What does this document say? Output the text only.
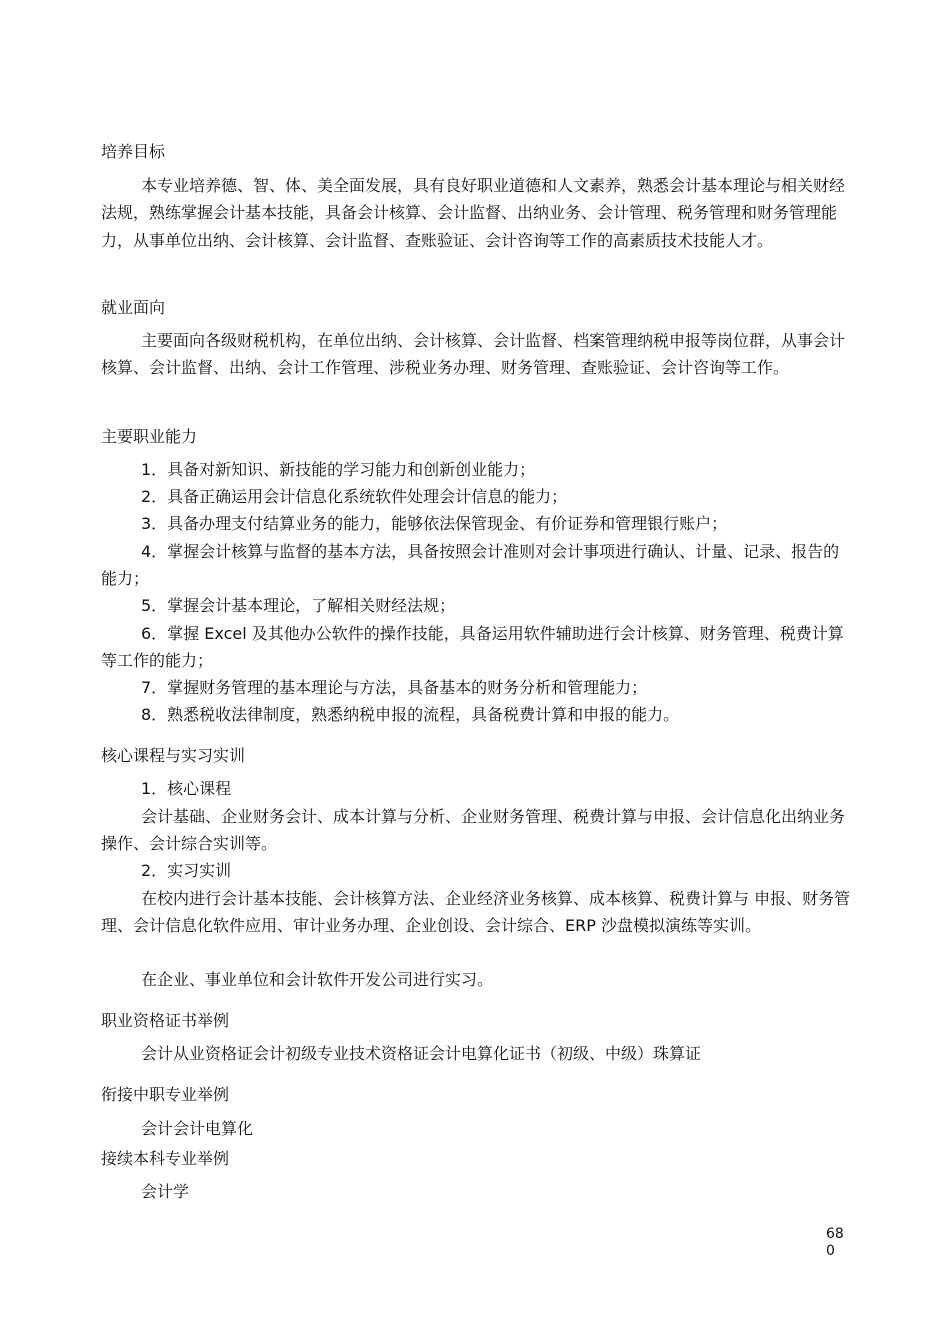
培养目标

本专业培养德、智、体、美全面发展，具有良好职业道德和人文素养，熟悉会计基本理论与相关财经法规，熟练掌握会计基本技能，具备会计核算、会计监督、出纳业务、会计管理、税务管理和财务管理能力，从事单位出纳、会计核算、会计监督、查账验证、会计咨询等工作的高素质技术技能人才。

就业面向

主要面向各级财税机构，在单位出纳、会计核算、会计监督、档案管理纳税申报等岗位群，从事会计核算、会计监督、出纳、会计工作管理、涉税业务办理、财务管理、查账验证、会计咨询等工作。

主要职业能力
1．具备对新知识、新技能的学习能力和创新创业能力；
2．具备正确运用会计信息化系统软件处理会计信息的能力；
3．具备办理支付结算业务的能力，能够依法保管现金、有价证券和管理银行账户；

4．掌握会计核算与监督的基本方法，具备按照会计准则对会计事项进行确认、计量、记录、报告的能力；

5．掌握会计基本理论，了解相关财经法规；

6．掌握 Excel 及其他办公软件的操作技能，具备运用软件辅助进行会计核算、财务管理、税费计算等工作的能力；

7．掌握财务管理的基本理论与方法，具备基本的财务分析和管理能力；
8．熟悉税收法律制度，熟悉纳税申报的流程，具备税费计算和申报的能力。
核心课程与实习实训
1．核心课程

会计基础、企业财务会计、成本计算与分析、企业财务管理、税费计算与申报、会计信息化出纳业务操作、会计综合实训等。

2．实习实训

在校内进行会计基本技能、会计核算方法、企业经济业务核算、成本核算、税费计算与 申报、财务管理、会计信息化软件应用、审计业务办理、企业创设、会计综合、ERP 沙盘模拟演练等实训。

在企业、事业单位和会计软件开发公司进行实习。
职业资格证书举例
会计从业资格证会计初级专业技术资格证会计电算化证书（初级、中级）珠算证
衔接中职专业举例
会计会计电算化
接续本科专业举例
会计学
68
0
